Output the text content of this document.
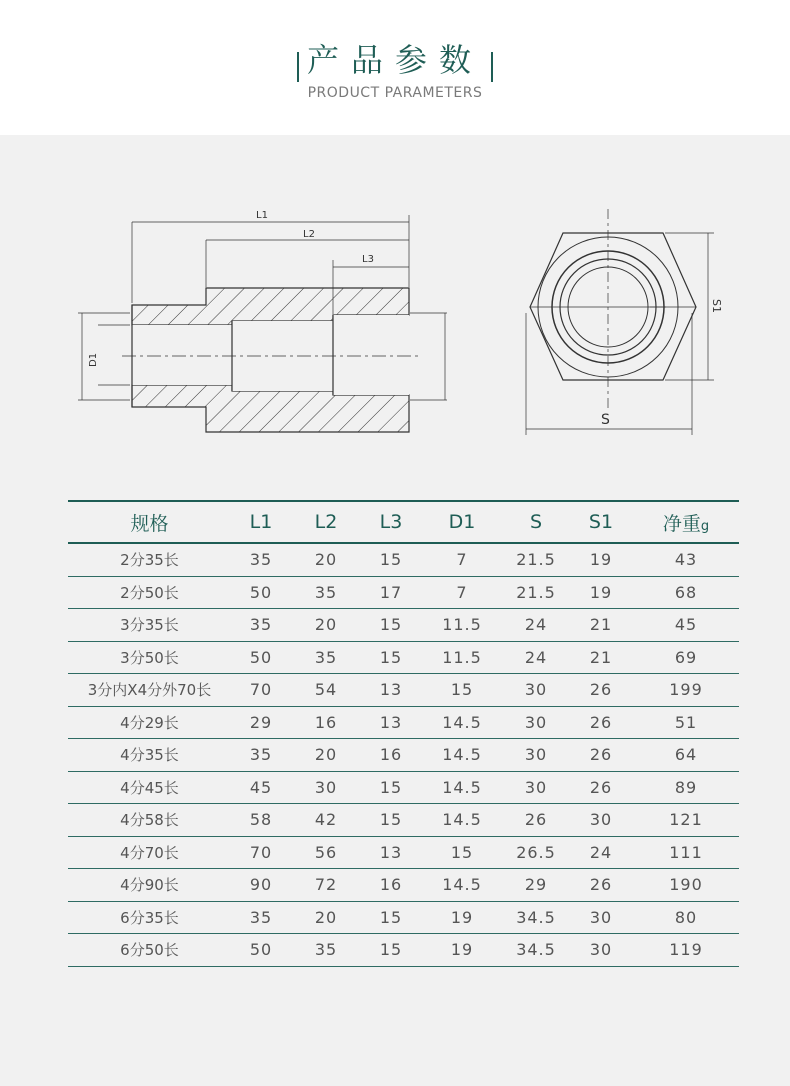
产品参数
PRODUCT PARAMETERS
L1
L2
L3
D1
S
S1
规格	L1	L2	L3	D1	S	S1	净重g
2分35长	35	20	15	7	21.5	19	43
2分50长	50	35	17	7	21.5	19	68
3分35长	35	20	15	11.5	24	21	45
3分50长	50	35	15	11.5	24	21	69
3分内X4分外70长	70	54	13	15	30	26	199
4分29长	29	16	13	14.5	30	26	51
4分35长	35	20	16	14.5	30	26	64
4分45长	45	30	15	14.5	30	26	89
4分58长	58	42	15	14.5	26	30	121
4分70长	70	56	13	15	26.5	24	111
4分90长	90	72	16	14.5	29	26	190
6分35长	35	20	15	19	34.5	30	80
6分50长	50	35	15	19	34.5	30	119
